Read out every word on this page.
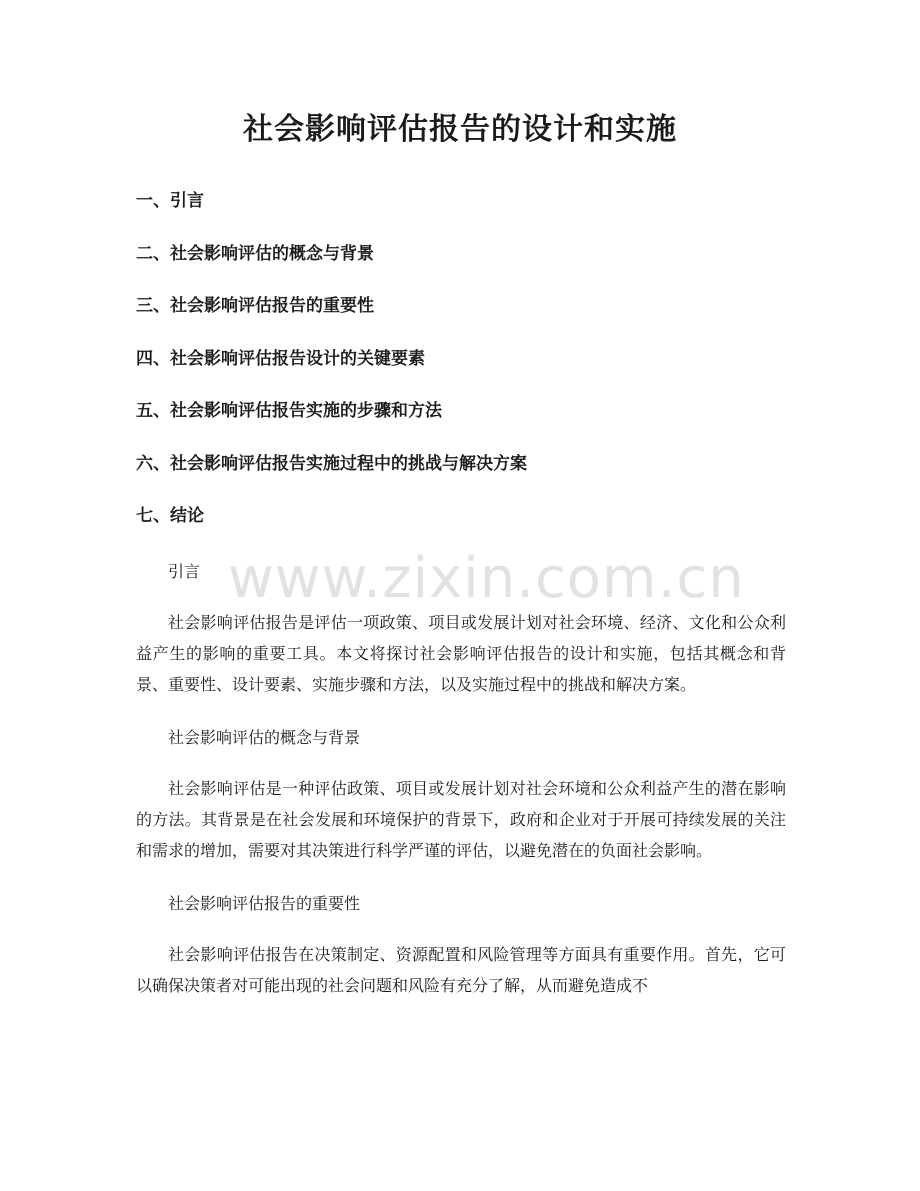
社会影响评估报告的设计和实施
一、引言
二、社会影响评估的概念与背景
三、社会影响评估报告的重要性
四、社会影响评估报告设计的关键要素
五、社会影响评估报告实施的步骤和方法
六、社会影响评估报告实施过程中的挑战与解决方案
七、结论
www.zixin.com.cn

引言

社会影响评估报告是评估一项政策、项目或发展计划对社会环境、经济、文化和公众利益产生的影响的重要工具。本文将探讨社会影响评估报告的设计和实施，包括其概念和背景、重要性、设计要素、实施步骤和方法，以及实施过程中的挑战和解决方案。

社会影响评估的概念与背景

社会影响评估是一种评估政策、项目或发展计划对社会环境和公众利益产生的潜在影响的方法。其背景是在社会发展和环境保护的背景下，政府和企业对于开展可持续发展的关注和需求的增加，需要对其决策进行科学严谨的评估，以避免潜在的负面社会影响。

社会影响评估报告的重要性

社会影响评估报告在决策制定、资源配置和风险管理等方面具有重要作用。首先，它可以确保决策者对可能出现的社会问题和风险有充分了解，从而避免造成不
